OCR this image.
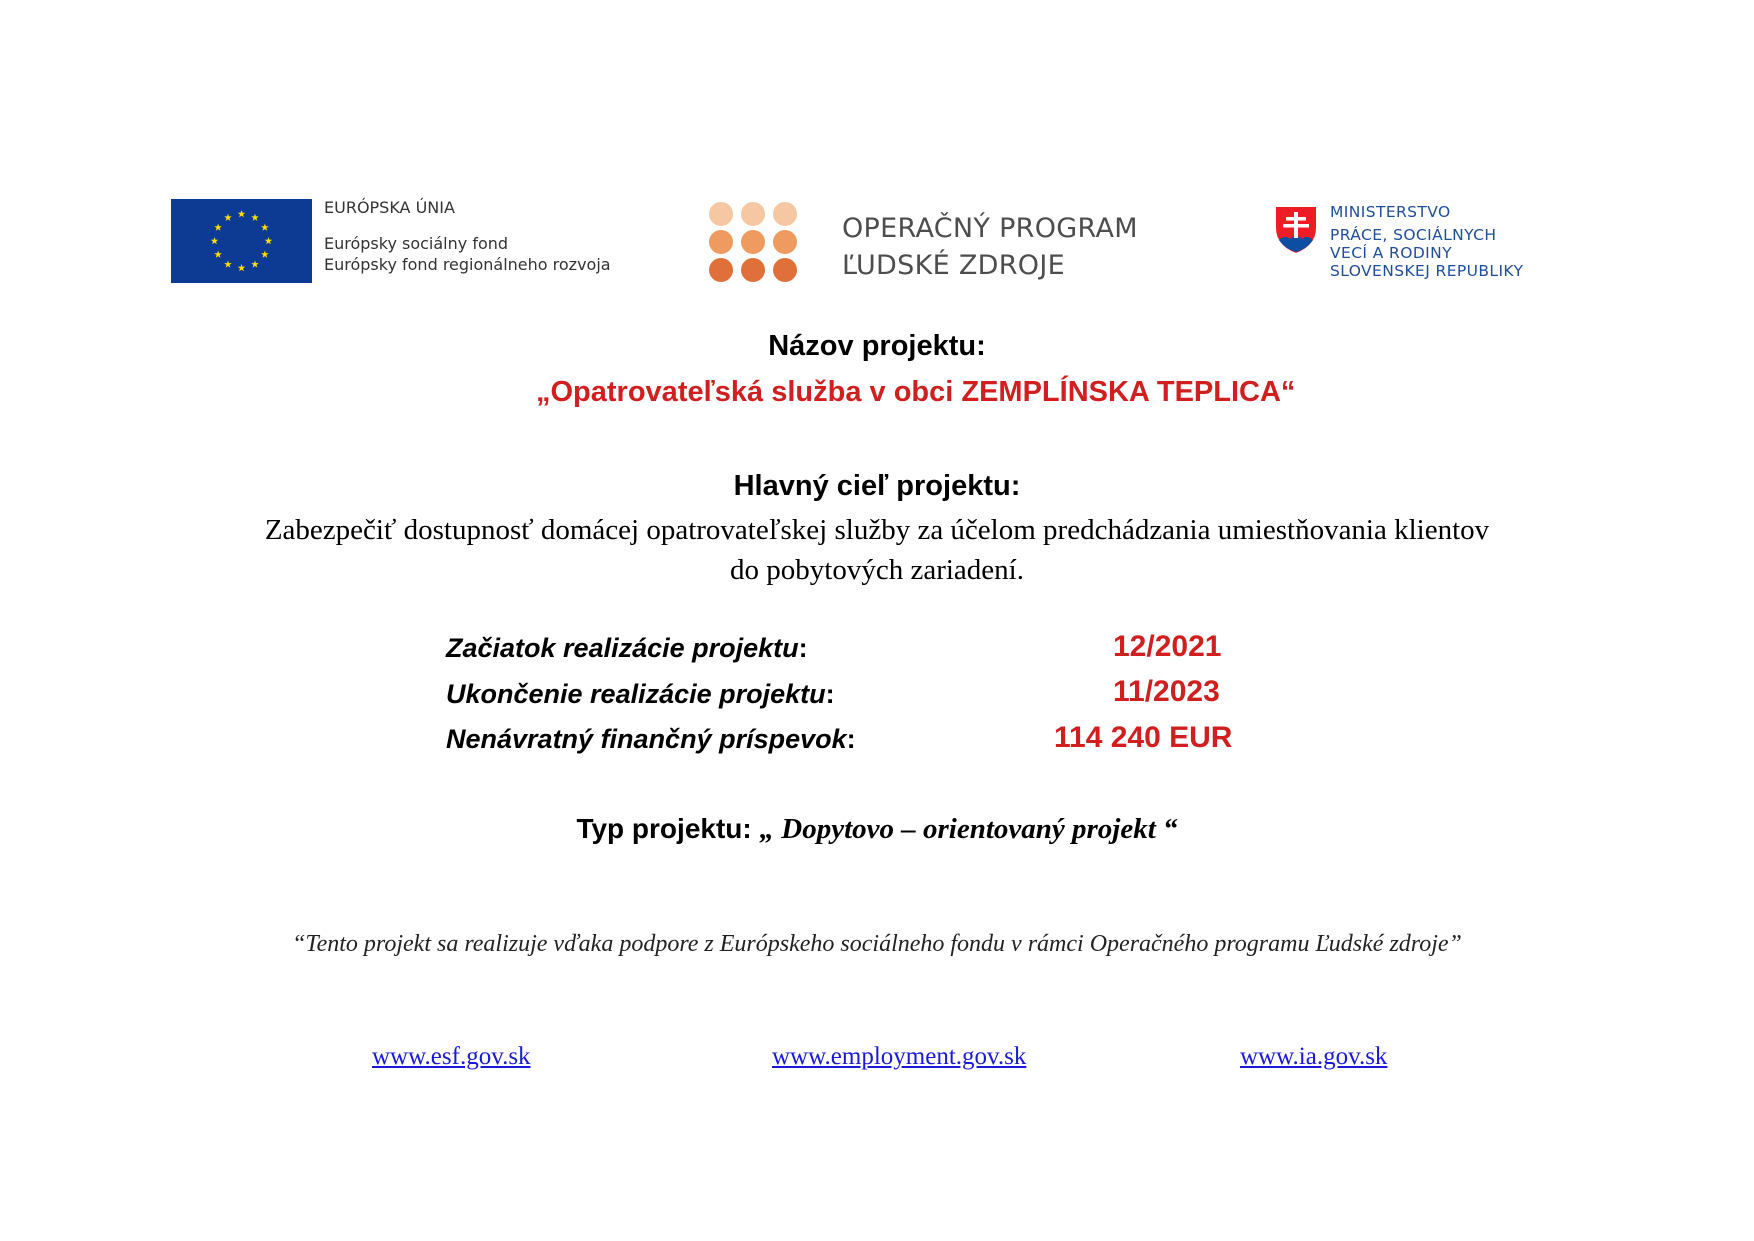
EURÓPSKA ÚNIA
Európsky sociálny fond
Európsky fond regionálneho rozvoja
OPERAČNÝ PROGRAM
ĽUDSKÉ ZDROJE
MINISTERSTVO
PRÁCE, SOCIÁLNYCH
VECÍ A RODINY
SLOVENSKEJ REPUBLIKY
Názov projektu:
„Opatrovateľská služba v obci ZEMPLÍNSKA TEPLICA“
Hlavný cieľ projektu:
Zabezpečiť dostupnosť domácej opatrovateľskej služby za účelom predchádzania umiestňovania klientov
do pobytových zariadení.
Začiatok realizácie projektu:	12/2021
Ukončenie realizácie projektu:	11/2023
Nenávratný finančný príspevok:	114 240 EUR
Typ projektu: „ Dopytovo – orientovaný projekt “
“Tento projekt sa realizuje vďaka podpore z Európskeho sociálneho fondu v rámci Operačného programu Ľudské zdroje”
www.esf.gov.sk	www.employment.gov.sk	www.ia.gov.sk
